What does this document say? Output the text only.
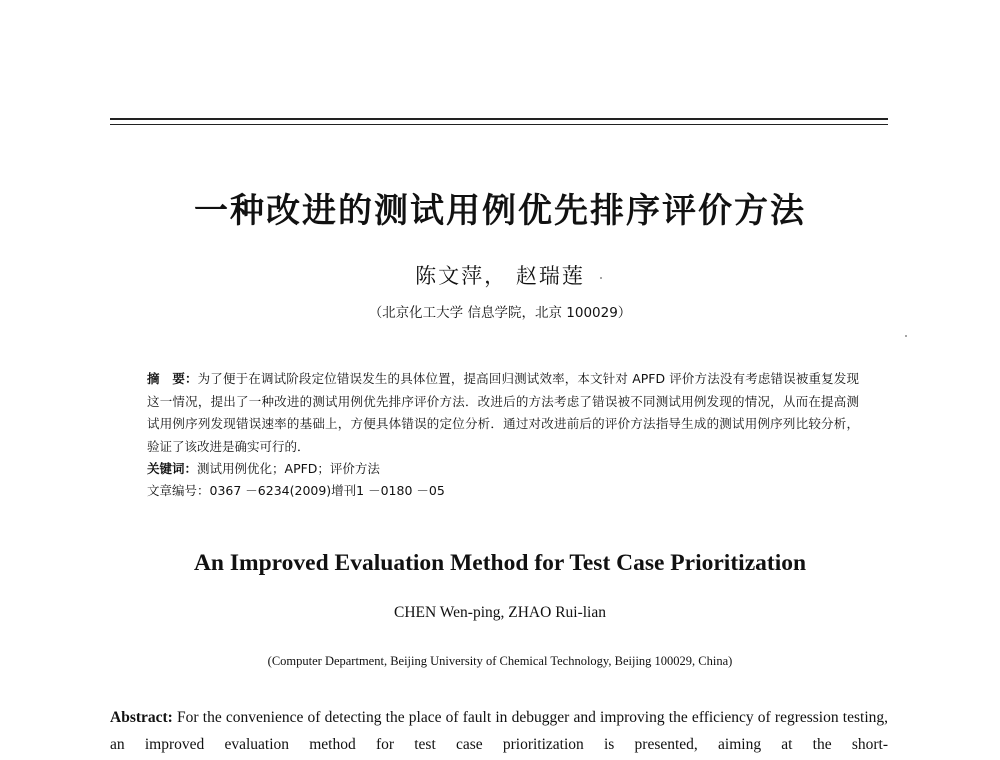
一种改进的测试用例优先排序评价方法
陈文萍， 赵瑞莲
（北京化工大学 信息学院，北京 100029）
摘　要：为了便于在调试阶段定位错误发生的具体位置，提高回归测试效率，本文针对 APFD 评价方法没有考虑错误被重复发现这一情况，提出了一种改进的测试用例优先排序评价方法．改进后的方法考虑了错误被不同测试用例发现的情况，从而在提高测试用例序列发现错误速率的基础上，方便具体错误的定位分析．通过对改进前后的评价方法指导生成的测试用例序列比较分析，验证了该改进是确实可行的．
关键词：测试用例优化；APFD；评价方法
文章编号：0367 －6234(2009)增刊1 －0180 －05
An Improved Evaluation Method for Test Case Prioritization
CHEN Wen-ping, ZHAO Rui-lian
(Computer Department, Beijing University of Chemical Technology, Beijing 100029, China)
Abstract: For the convenience of detecting the place of fault in debugger and improving the efficiency of regression testing, an improved evaluation method for test case prioritization is presented, aiming at the short-
